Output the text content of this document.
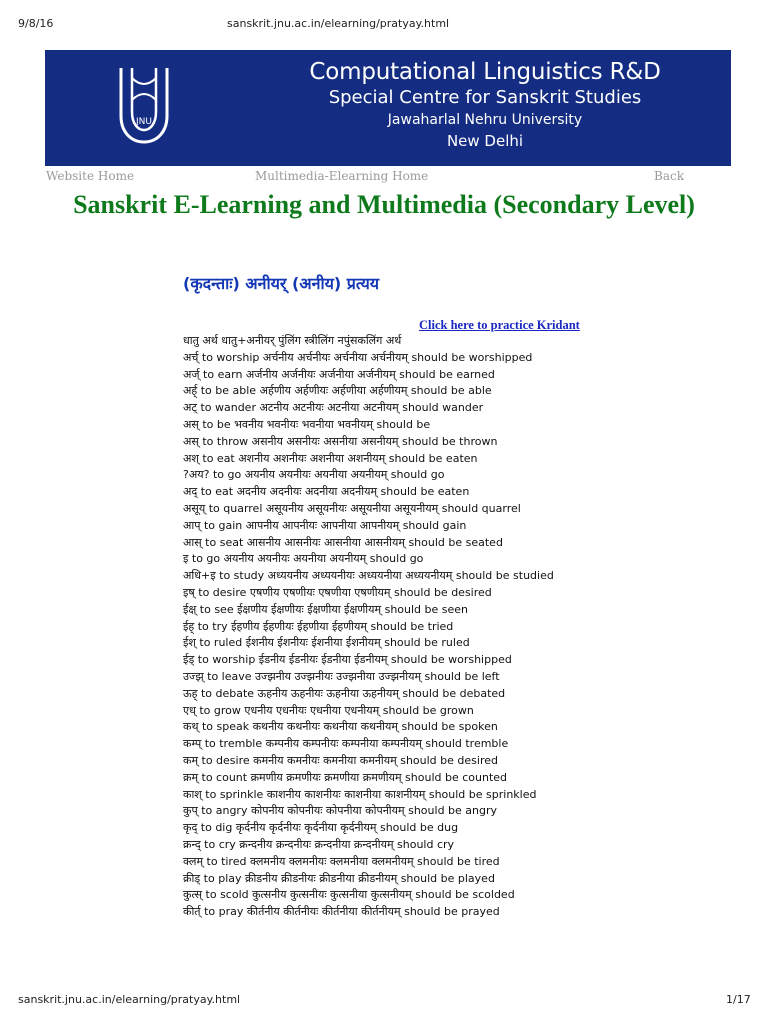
9/8/16	sanskrit.jnu.ac.in/elearning/pratyay.html
JNU
Computational Linguistics R&D
Special Centre for Sanskrit Studies
Jawaharlal Nehru University
New Delhi
Website Home	Multimedia-Elearning Home	Back
Sanskrit E-Learning and Multimedia (Secondary Level)
(कृदन्ताः) अनीयर् (अनीय) प्रत्यय
Click here to practice Kridant
धातु अर्थ धातु+अनीयर् पुंलिंग स्त्रीलिंग नपुंसकलिंग अर्थ
अर्च् to worship अर्चनीय अर्चनीयः अर्चनीया अर्चनीयम् should be worshipped
अर्ज् to earn अर्जनीय अर्जनीयः अर्जनीया अर्जनीयम् should be earned
अर्ह् to be able अर्हणीय अर्हणीयः अर्हणीया अर्हणीयम् should be able
अट् to wander अटनीय अटनीयः अटनीया अटनीयम् should wander
अस् to be भवनीय भवनीयः भवनीया भवनीयम् should be
अस् to throw असनीय असनीयः असनीया असनीयम् should be thrown
अश् to eat अशनीय अशनीयः अशनीया अशनीयम् should be eaten
?अय? to go अयनीय अयनीयः अयनीया अयनीयम् should go
अद् to eat अदनीय अदनीयः अदनीया अदनीयम् should be eaten
असूय् to quarrel असूयनीय असूयनीयः असूयनीया असूयनीयम् should quarrel
आप् to gain आपनीय आपनीयः आपनीया आपनीयम् should gain
आस् to seat आसनीय आसनीयः आसनीया आसनीयम् should be seated
इ to go अयनीय अयनीयः अयनीया अयनीयम् should go
अधि+इ to study अध्ययनीय अध्ययनीयः अध्ययनीया अध्ययनीयम् should be studied
इष् to desire एषणीय एषणीयः एषणीया एषणीयम् should be desired
ईक्ष् to see ईक्षणीय ईक्षणीयः ईक्षणीया ईक्षणीयम् should be seen
ईह् to try ईहणीय ईहणीयः ईहणीया ईहणीयम् should be tried
ईश् to ruled ईशनीय ईशनीयः ईशनीया ईशनीयम् should be ruled
ईड् to worship ईडनीय ईडनीयः ईडनीया ईडनीयम् should be worshipped
उज्झ् to leave उज्झनीय उज्झनीयः उज्झनीया उज्झनीयम् should be left
ऊह् to debate ऊहनीय ऊहनीयः ऊहनीया ऊहनीयम् should be debated
एध् to grow एधनीय एधनीयः एधनीया एधनीयम् should be grown
कथ् to speak कथनीय कथनीयः कथनीया कथनीयम् should be spoken
कम्प् to tremble कम्पनीय कम्पनीयः कम्पनीया कम्पनीयम् should tremble
कम् to desire कमनीय कमनीयः कमनीया कमनीयम् should be desired
क्रम् to count क्रमणीय क्रमणीयः क्रमणीया क्रमणीयम् should be counted
काश् to sprinkle काशनीय काशनीयः काशनीया काशनीयम् should be sprinkled
कुप् to angry कोपनीय कोपनीयः कोपनीया कोपनीयम् should be angry
कृद् to dig कृर्दनीय कृर्दनीयः कृर्दनीया कृर्दनीयम् should be dug
क्रन्द् to cry क्रन्दनीय क्रन्दनीयः क्रन्दनीया क्रन्दनीयम् should cry
क्लम् to tired क्लमनीय क्लमनीयः क्लमनीया क्लमनीयम् should be tired
क्रीड् to play क्रीडनीय क्रीडनीयः क्रीडनीया क्रीडनीयम् should be played
कुत्स् to scold कुत्सनीय कुत्सनीयः कुत्सनीया कुत्सनीयम् should be scolded
कीर्त् to pray कीर्तनीय कीर्तनीयः कीर्तनीया कीर्तनीयम् should be prayed
sanskrit.jnu.ac.in/elearning/pratyay.html	1/17
